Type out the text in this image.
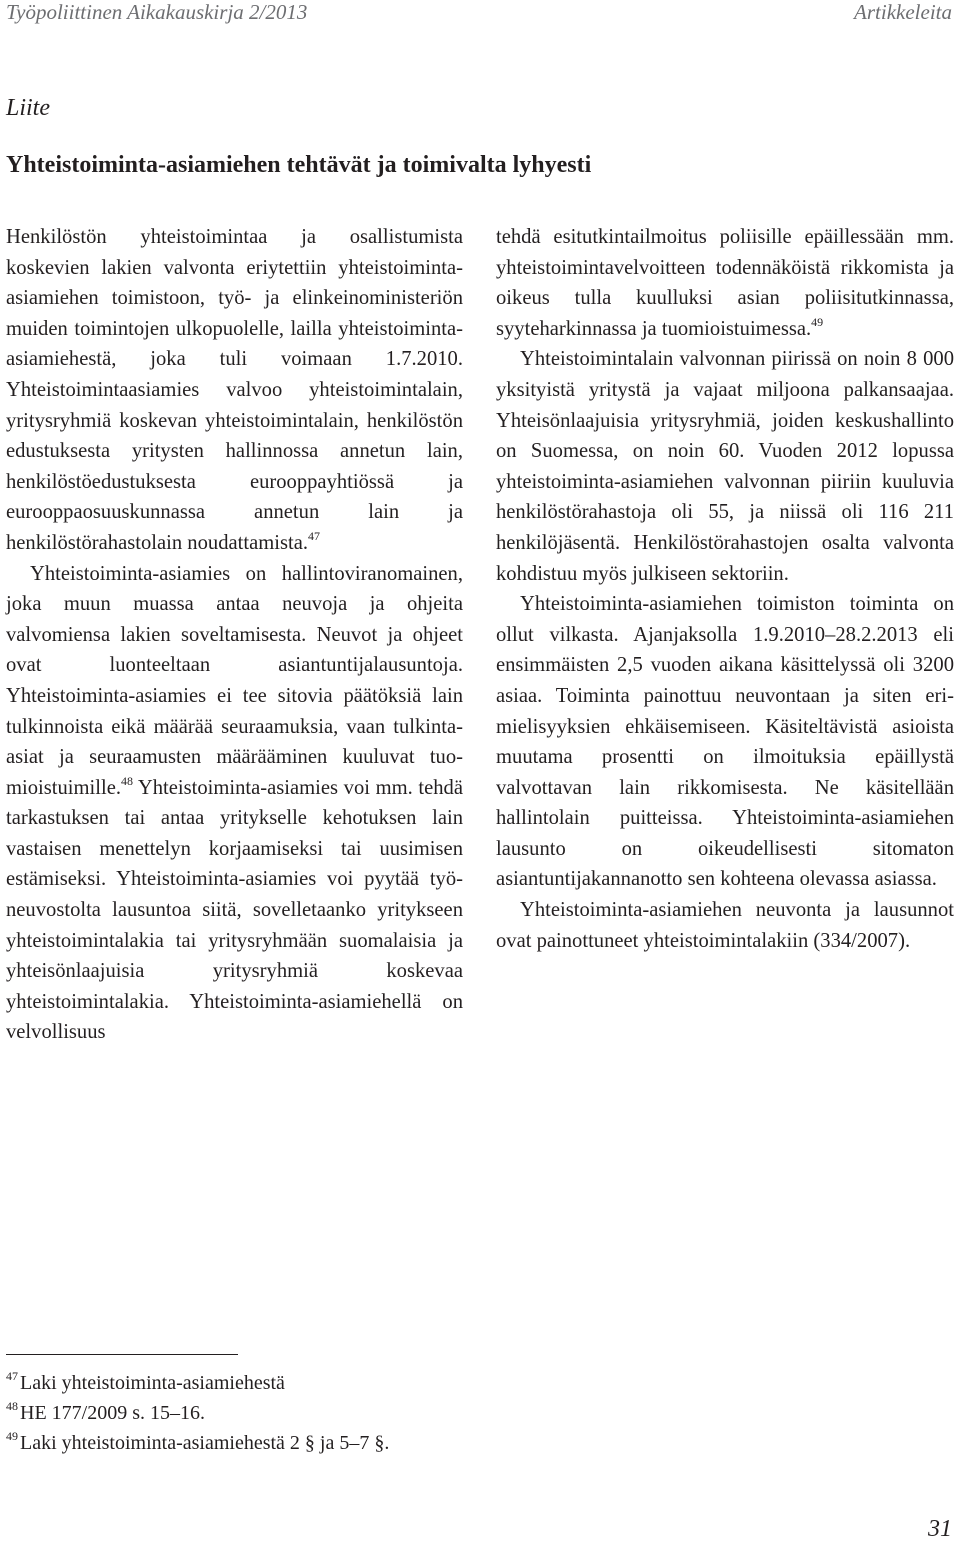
Työpoliittinen Aikakauskirja 2/2013	Artikkeleita
Liite
Yhteistoiminta-asiamiehen tehtävät ja toimivalta lyhyesti

Henkilöstön yhteistoimintaa ja osallistumista koskevien lakien valvonta eriytettiin yhteistoiminta-asiamiehen toimistoon, työ- ja elinkeinoministeriön muiden toimintojen ulkopuolelle, lailla yhteistoiminta-asiamiehestä, joka tuli voimaan 1.7.2010. Yhteistoimintaasiamies valvoo yhteistoimintalain, yritysryhmiä koskevan yhteistoimintalain, henkilöstön edustuksesta yritysten hallinnossa annetun lain, henkilöstöedustuksesta eurooppayhtiössä ja eurooppaosuuskunnassa annetun lain ja henkilöstörahastolain noudattamista.$^{47}$

Yhteistoiminta-asiamies on hallintoviranomainen, joka muun muassa antaa neuvoja ja ohjeita valvomiensa lakien soveltamisesta. Neuvot ja ohjeet ovat luonteeltaan asiantuntijalausuntoja. Yhteistoiminta-asiamies ei tee sitovia päätöksiä lain tulkinnoista eikä määrää seuraamuksia, vaan tulkinta-asiat ja seuraamusten määrääminen kuuluvat tuomioistuimille.$^{48}$ Yhteistoiminta-asiamies voi mm. tehdä tarkastuksen tai antaa yritykselle kehotuksen lain vastaisen menettelyn korjaamiseksi tai uusimisen estämiseksi. Yhteistoiminta-asiamies voi pyytää työneuvostolta lausuntoa siitä, sovelletaanko yritykseen yhteistoimintalakia tai yritysryhmään suomalaisia ja yhteisönlaajuisia yritysryhmiä koskevaa yhteistoimintalakia. Yhteistoiminta-asiamiehellä on velvollisuus

tehdä esitutkintailmoitus poliisille epäillessään mm. yhteistoimintavelvoitteen todennäköistä rikkomista ja oikeus tulla kuulluksi asian poliisitutkinnassa, syyteharkinnassa ja tuomioistuimessa.$^{49}$

Yhteistoimintalain valvonnan piirissä on noin 8 000 yksityistä yritystä ja vajaat miljoona palkansaajaa. Yhteisönlaajuisia yritysryhmiä, joiden keskushallinto on Suomessa, on noin 60. Vuoden 2012 lopussa yhteistoiminta-asiamiehen valvonnan piiriin kuuluvia henkilöstörahastoja oli 55, ja niissä oli 116 211 henkilöjäsentä. Henkilöstörahastojen osalta valvonta kohdistuu myös julkiseen sektoriin.

Yhteistoiminta-asiamiehen toimiston toiminta on ollut vilkasta. Ajanjaksolla 1.9.2010–28.2.2013 eli ensimmäisten 2,5 vuoden aikana käsittelyssä oli 3200 asiaa. Toiminta painottuu neuvontaan ja siten erimielisyyksien ehkäisemiseen. Käsiteltävistä asioista muutama prosentti on ilmoituksia epäillystä valvottavan lain rikkomisesta. Ne käsitellään hallintolain puitteissa. Yhteistoiminta-asiamiehen lausunto on oikeudellisesti sitomaton asiantuntijakannanotto sen kohteena olevassa asiassa.

Yhteistoiminta-asiamiehen neuvonta ja lausunnot ovat painottuneet yhteistoimintalakiin (334/2007).

$^{47}$ Laki yhteistoiminta-asiamiehestä
$^{48}$ HE 177/2009 s. 15–16.
$^{49}$ Laki yhteistoiminta-asiamiehestä 2 § ja 5–7 §.
31
